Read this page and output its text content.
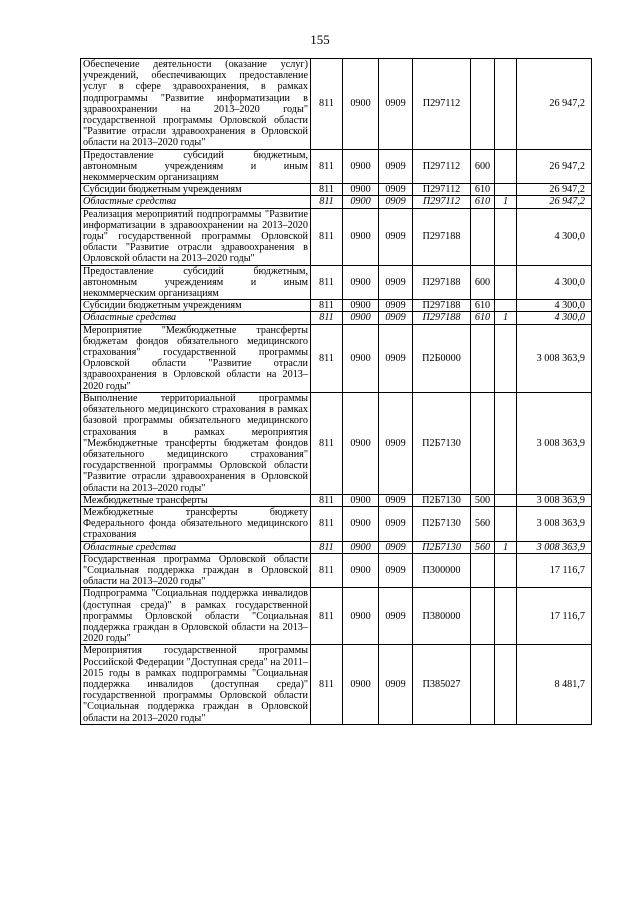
155
Обеспечение деятельности (оказание услуг) учреждений, обеспечивающих предоставление услуг в сфере здравоохранения, в рамках подпрограммы "Развитие информатизации в здравоохранении на 2013–2020 годы" государственной программы Орловской области "Развитие отрасли здравоохранения в Орловской области на 2013–2020 годы"	811	0900	0909	П297112			26 947,2
Предоставление субсидий бюджетным, автономным учреждениям и иным некоммерческим организациям	811	0900	0909	П297112	600		26 947,2
Субсидии бюджетным учреждениям	811	0900	0909	П297112	610		26 947,2
Областные средства	811	0900	0909	П297112	610	1	26 947,2
Реализация мероприятий подпрограммы "Развитие информатизации в здравоохранении на 2013–2020 годы" государственной программы Орловской области "Развитие отрасли здравоохранения в Орловской области на 2013–2020 годы"	811	0900	0909	П297188			4 300,0
Предоставление субсидий бюджетным, автономным учреждениям и иным некоммерческим организациям	811	0900	0909	П297188	600		4 300,0
Субсидии бюджетным учреждениям	811	0900	0909	П297188	610		4 300,0
Областные средства	811	0900	0909	П297188	610	1	4 300,0
Мероприятие "Межбюджетные трансферты бюджетам фондов обязательного медицинского страхования" государственной программы Орловской области "Развитие отрасли здравоохранения в Орловской области на 2013–2020 годы"	811	0900	0909	П2Б0000			3 008 363,9
Выполнение территориальной программы обязательного медицинского страхования в рамках базовой программы обязательного медицинского страхования в рамках мероприятия "Межбюджетные трансферты бюджетам фондов обязательного медицинского страхования" государственной программы Орловской области "Развитие отрасли здравоохранения в Орловской области на 2013–2020 годы"	811	0900	0909	П2Б7130			3 008 363,9
Межбюджетные трансферты	811	0900	0909	П2Б7130	500		3 008 363,9
Межбюджетные трансферты бюджету Федерального фонда обязательного медицинского страхования	811	0900	0909	П2Б7130	560		3 008 363,9
Областные средства	811	0900	0909	П2Б7130	560	1	3 008 363,9
Государственная программа Орловской области "Социальная поддержка граждан в Орловской области на 2013–2020 годы"	811	0900	0909	П300000			17 116,7
Подпрограмма "Социальная поддержка инвалидов (доступная среда)" в рамках государственной программы Орловской области "Социальная поддержка граждан в Орловской области на 2013–2020 годы"	811	0900	0909	П380000			17 116,7
Мероприятия государственной программы Российской Федерации "Доступная среда" на 2011–2015 годы в рамках подпрограммы "Социальная поддержка инвалидов (доступная среда)" государственной программы Орловской области "Социальная поддержка граждан в Орловской области на 2013–2020 годы"	811	0900	0909	П385027			8 481,7
